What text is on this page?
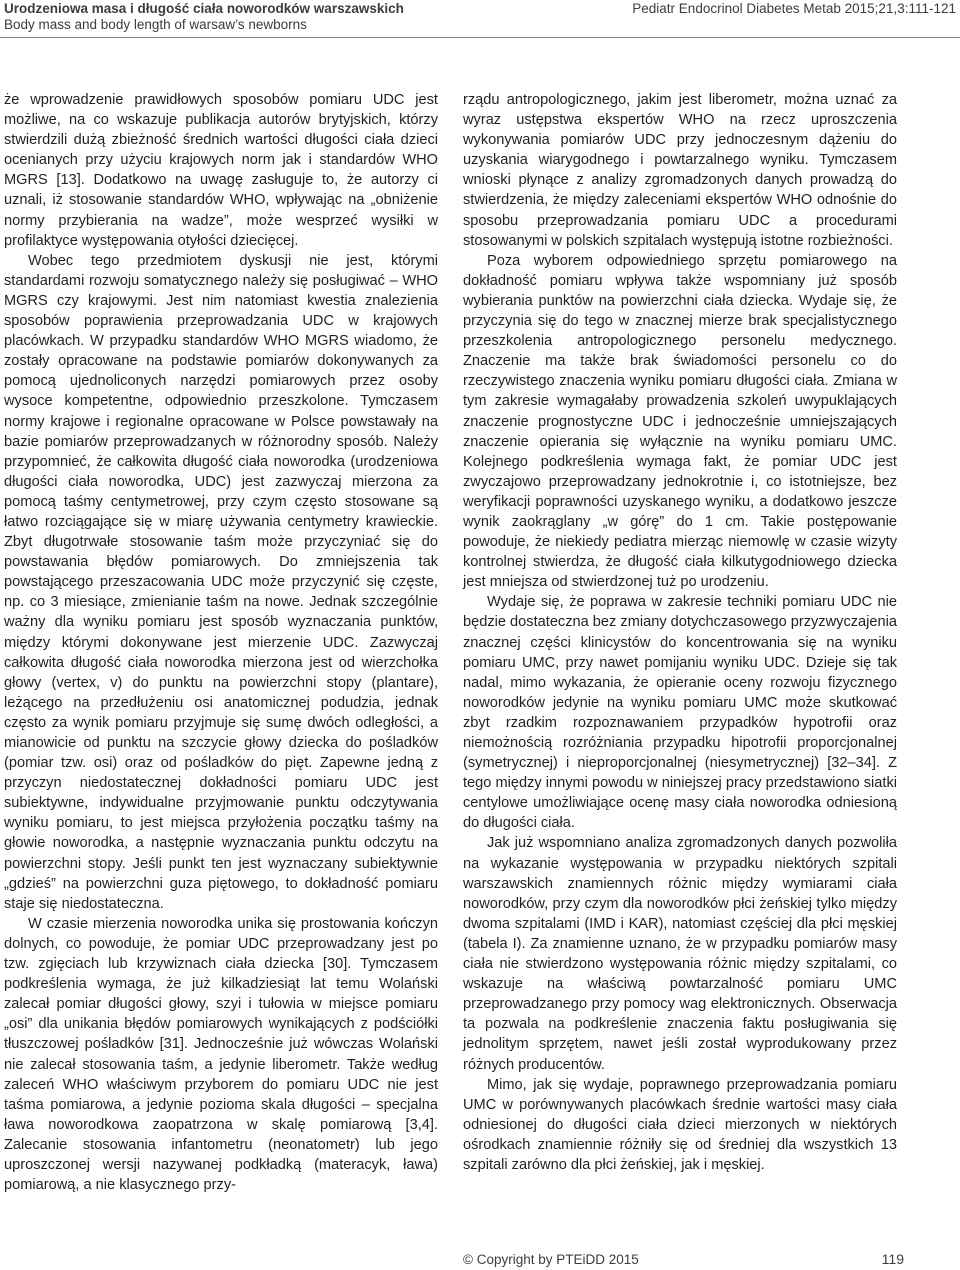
Urodzeniowa masa i długość ciała noworodków warszawskich
Body mass and body length of warsaw’s newborns
Pediatr Endocrinol Diabetes Metab 2015;21,3:111-121

że wprowadzenie prawidłowych sposobów pomiaru UDC jest możliwe, na co wskazuje publikacja autorów brytyjskich, którzy stwierdzili dużą zbieżność średnich wartości długości ciała dzieci ocenianych przy użyciu krajowych norm jak i standardów WHO MGRS [13]. Dodatkowo na uwagę zasługuje to, że autorzy ci uznali, iż stosowanie standardów WHO, wpływając na „obniżenie normy przybierania na wadze”, może wesprzeć wysiłki w profilaktyce występowania otyłości dziecięcej.

Wobec tego przedmiotem dyskusji nie jest, którymi standardami rozwoju somatycznego należy się posługiwać – WHO MGRS czy krajowymi. Jest nim natomiast kwestia znalezienia sposobów poprawienia przeprowadzania UDC w krajowych placówkach. W przypadku standardów WHO MGRS wiadomo, że zostały opracowane na podstawie pomiarów dokonywanych za pomocą ujednoliconych narzędzi pomiarowych przez osoby wysoce kompetentne, odpowiednio przeszkolone. Tymczasem normy krajowe i regionalne opracowane w Polsce powstawały na bazie pomiarów przeprowadzanych w różnorodny sposób. Należy przypomnieć, że całkowita długość ciała noworodka (urodzeniowa długości ciała noworodka, UDC) jest zazwyczaj mierzona za pomocą taśmy centymetrowej, przy czym często stosowane są łatwo rozciągające się w miarę używania centymetry krawieckie. Zbyt długotrwałe stosowanie taśm może przyczyniać się do powstawania błędów pomiarowych. Do zmniejszenia tak powstającego przeszacowania UDC może przyczynić się częste, np. co 3 miesiące, zmienianie taśm na nowe. Jednak szczególnie ważny dla wyniku pomiaru jest sposób wyznaczania punktów, między którymi dokonywane jest mierzenie UDC. Zazwyczaj całkowita długość ciała noworodka mierzona jest od wierzchołka głowy (vertex, v) do punktu na powierzchni stopy (plantare), leżącego na przedłużeniu osi anatomicznej podudzia, jednak często za wynik pomiaru przyjmuje się sumę dwóch odległości, a mianowicie od punktu na szczycie głowy dziecka do pośladków (pomiar tzw. osi) oraz od pośladków do pięt. Zapewne jedną z przyczyn niedostatecznej dokładności pomiaru UDC jest subiektywne, indywidualne przyjmowanie punktu odczytywania wyniku pomiaru, to jest miejsca przyłożenia początku taśmy na głowie noworodka, a następnie wyznaczania punktu odczytu na powierzchni stopy. Jeśli punkt ten jest wyznaczany subiektywnie „gdzieś” na powierzchni guza piętowego, to dokładność pomiaru staje się niedostateczna.

W czasie mierzenia noworodka unika się prostowania kończyn dolnych, co powoduje, że pomiar UDC przeprowadzany jest po tzw. zgięciach lub krzywiznach ciała dziecka [30]. Tymczasem podkreślenia wymaga, że już kilkadziesiąt lat temu Wolański zalecał pomiar długości głowy, szyi i tułowia w miejsce pomiaru „osi” dla unikania błędów pomiarowych wynikających z podściółki tłuszczowej pośladków [31]. Jednocześnie już wówczas Wolański nie zalecał stosowania taśm, a jedynie liberometr. Także według zaleceń WHO właściwym przyborem do pomiaru UDC nie jest taśma pomiarowa, a jedynie pozioma skala długości – specjalna ława noworodkowa zaopatrzona w skalę pomiarową [3,4]. Zalecanie stosowania infantometru (neonatometr) lub jego uproszczonej wersji nazywanej podkładką (materacyk, ława) pomiarową, a nie klasycznego przy-

rządu antropologicznego, jakim jest liberometr, można uznać za wyraz ustępstwa ekspertów WHO na rzecz uproszczenia wykonywania pomiarów UDC przy jednoczesnym dążeniu do uzyskania wiarygodnego i powtarzalnego wyniku. Tymczasem wnioski płynące z analizy zgromadzonych danych prowadzą do stwierdzenia, że między zaleceniami ekspertów WHO odnośnie do sposobu przeprowadzania pomiaru UDC a procedurami stosowanymi w polskich szpitalach występują istotne rozbieżności.

Poza wyborem odpowiedniego sprzętu pomiarowego na dokładność pomiaru wpływa także wspomniany już sposób wybierania punktów na powierzchni ciała dziecka. Wydaje się, że przyczynia się do tego w znacznej mierze brak specjalistycznego przeszkolenia antropologicznego personelu medycznego. Znaczenie ma także brak świadomości personelu co do rzeczywistego znaczenia wyniku pomiaru długości ciała. Zmiana w tym zakresie wymagałaby prowadzenia szkoleń uwypuklających znaczenie prognostyczne UDC i jednocześnie umniejszających znaczenie opierania się wyłącznie na wyniku pomiaru UMC. Kolejnego podkreślenia wymaga fakt, że pomiar UDC jest zwyczajowo przeprowadzany jednokrotnie i, co istotniejsze, bez weryfikacji poprawności uzyskanego wyniku, a dodatkowo jeszcze wynik zaokrąglany „w górę” do 1 cm. Takie postępowanie powoduje, że niekiedy pediatra mierząc niemowlę w czasie wizyty kontrolnej stwierdza, że długość ciała kilkutygodniowego dziecka jest mniejsza od stwierdzonej tuż po urodzeniu.

Wydaje się, że poprawa w zakresie techniki pomiaru UDC nie będzie dostateczna bez zmiany dotychczasowego przyzwyczajenia znacznej części klinicystów do koncentrowania się na wyniku pomiaru UMC, przy nawet pomijaniu wyniku UDC. Dzieje się tak nadal, mimo wykazania, że opieranie oceny rozwoju fizycznego noworodków jedynie na wyniku pomiaru UMC może skutkować zbyt rzadkim rozpoznawaniem przypadków hypotrofii oraz niemożnością rozróżniania przypadku hipotrofii proporcjonalnej (symetrycznej) i nieproporcjonalnej (niesymetrycznej) [32–34]. Z tego między innymi powodu w niniejszej pracy przedstawiono siatki centylowe umożliwiające ocenę masy ciała noworodka odniesioną do długości ciała.

Jak już wspomniano analiza zgromadzonych danych pozwoliła na wykazanie występowania w przypadku niektórych szpitali warszawskich znamiennych różnic między wymiarami ciała noworodków, przy czym dla noworodków płci żeńskiej tylko między dwoma szpitalami (IMD i KAR), natomiast częściej dla płci męskiej (tabela I). Za znamienne uznano, że w przypadku pomiarów masy ciała nie stwierdzono występowania różnic między szpitalami, co wskazuje na właściwą powtarzalność pomiaru UMC przeprowadzanego przy pomocy wag elektronicznych. Obserwacja ta pozwala na podkreślenie znaczenia faktu posługiwania się jednolitym sprzętem, nawet jeśli został wyprodukowany przez różnych producentów.

Mimo, jak się wydaje, poprawnego przeprowadzania pomiaru UMC w porównywanych placówkach średnie wartości masy ciała odniesionej do długości ciała dzieci mierzonych w niektórych ośrodkach znamiennie różniły się od średniej dla wszystkich 13 szpitali zarówno dla płci żeńskiej, jak i męskiej.

© Copyright by PTEiDD 2015	119
